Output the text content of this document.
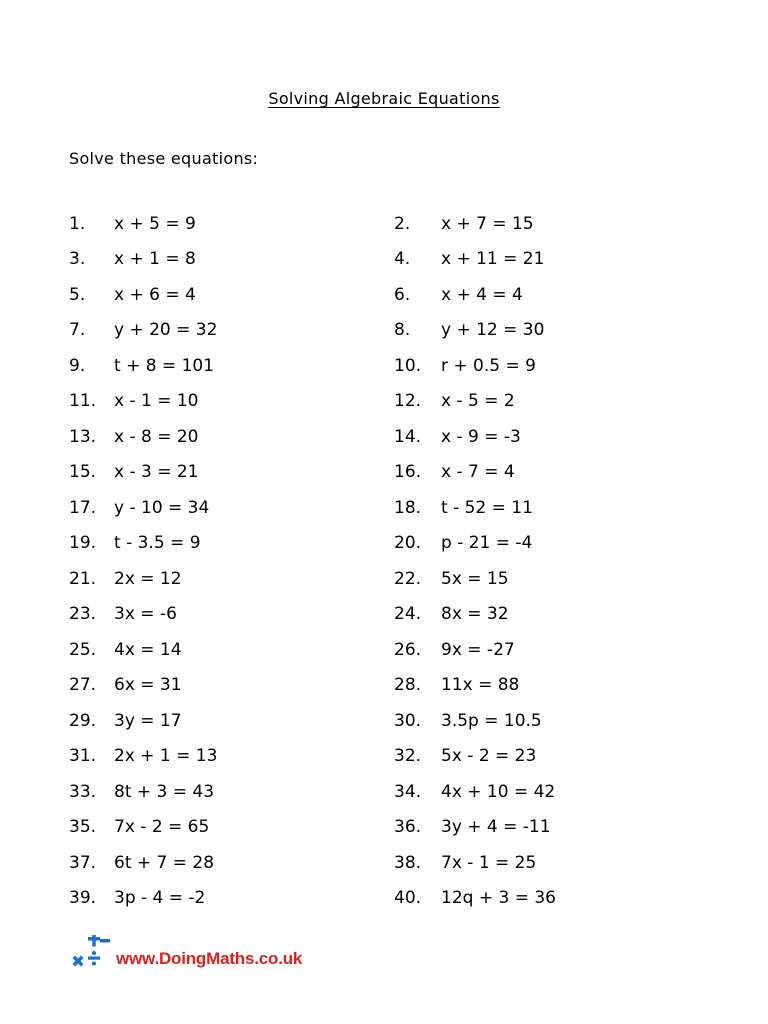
Solving Algebraic Equations
Solve these equations:
1.	x + 5 = 9
3.	x + 1 = 8
5.	x + 6 = 4
7.	y + 20 = 32
9.	t + 8 = 101
11.	x - 1 = 10
13.	x - 8 = 20
15.	x - 3 = 21
17.	y - 10 = 34
19.	t - 3.5 = 9
21.	2x = 12
23.	3x = -6
25.	4x = 14
27.	6x = 31
29.	3y = 17
31.	2x + 1 = 13
33.	8t + 3 = 43
35.	7x - 2 = 65
37.	6t + 7 = 28
39.	3p - 4 = -2
2.	x + 7 = 15
4.	x + 11 = 21
6.	x + 4 = 4
8.	y + 12 = 30
10.	r + 0.5 = 9
12.	x - 5 = 2
14.	x - 9 = -3
16.	x - 7 = 4
18.	t - 52 = 11
20.	p - 21 = -4
22.	5x = 15
24.	8x = 32
26.	9x = -27
28.	11x = 88
30.	3.5p = 10.5
32.	5x - 2 = 23
34.	4x + 10 = 42
36.	3y + 4 = -11
38.	7x - 1 = 25
40.	12q + 3 = 36
www.DoingMaths.co.uk
